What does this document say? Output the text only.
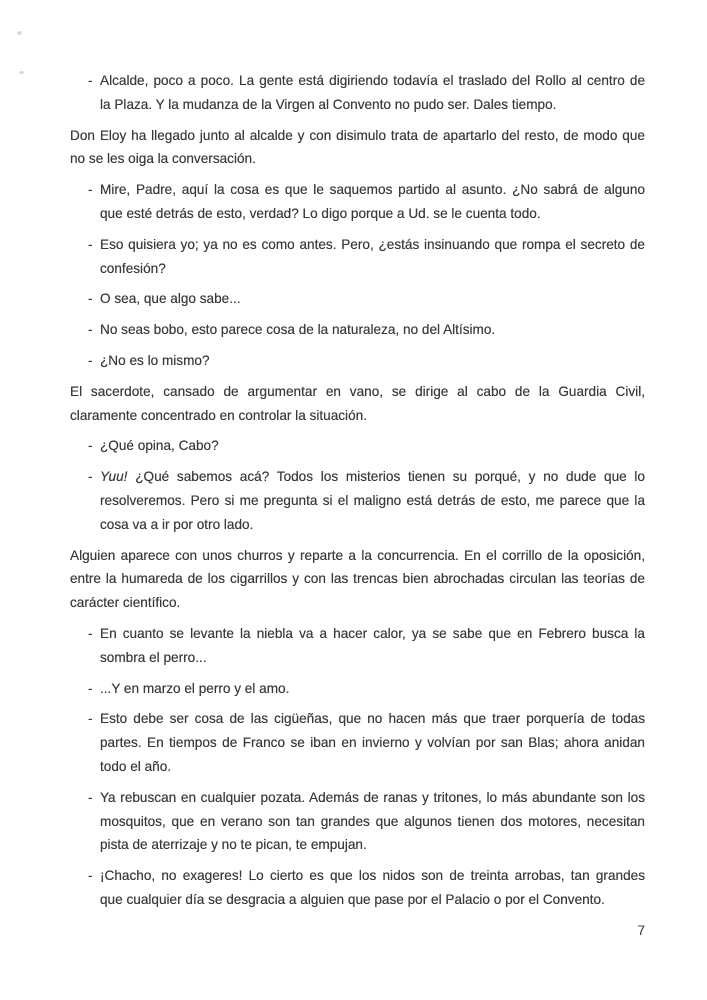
- Alcalde, poco a poco. La gente está digiriendo todavía el traslado del Rollo al centro de
la Plaza. Y la mudanza de la Virgen al Convento no pudo ser. Dales tiempo.
Don Eloy ha llegado junto al alcalde y con disimulo trata de apartarlo del resto, de modo que
no se les oiga la conversación.
- Mire, Padre, aquí la cosa es que le saquemos partido al asunto. ¿No sabrá de alguno
que esté detrás de esto, verdad? Lo digo porque a Ud. se le cuenta todo.
- Eso quisiera yo; ya no es como antes. Pero, ¿estás insinuando que rompa el secreto de
confesión?
- O sea, que algo sabe...
- No seas bobo, esto parece cosa de la naturaleza, no del Altísimo.
- ¿No es lo mismo?
El sacerdote, cansado de argumentar en vano, se dirige al cabo de la Guardia Civil,
claramente concentrado en controlar la situación.
- ¿Qué opina, Cabo?
- Yuu! ¿Qué sabemos acá? Todos los misterios tienen su porqué, y no dude que lo
resolveremos. Pero si me pregunta si el maligno está detrás de esto, me parece que la
cosa va a ir por otro lado.
Alguien aparece con unos churros y reparte a la concurrencia. En el corrillo de la oposición,
entre la humareda de los cigarrillos y con las trencas bien abrochadas circulan las teorías de
carácter científico.
- En cuanto se levante la niebla va a hacer calor, ya se sabe que en Febrero busca la
sombra el perro...
- ...Y en marzo el perro y el amo.
- Esto debe ser cosa de las cigüeñas, que no hacen más que traer porquería de todas
partes. En tiempos de Franco se iban en invierno y volvían por san Blas; ahora anidan
todo el año.
- Ya rebuscan en cualquier pozata. Además de ranas y tritones, lo más abundante son los
mosquitos, que en verano son tan grandes que algunos tienen dos motores, necesitan
pista de aterrizaje y no te pican, te empujan.
- ¡Chacho, no exageres! Lo cierto es que los nidos son de treinta arrobas, tan grandes
que cualquier día se desgracia a alguien que pase por el Palacio o por el Convento.
7
